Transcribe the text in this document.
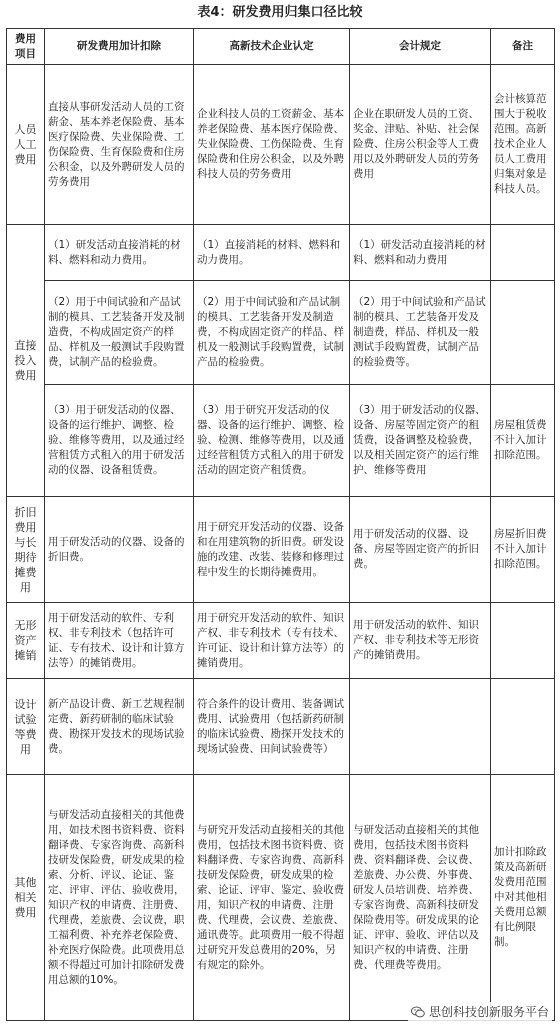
表4：研发费用归集口径比较
费用项目	研发费用加计扣除	高新技术企业认定	会计规定	备注
人员人工费用	直接从事研发活动人员的工资薪金、基本养老保险费、基本医疗保险费、失业保险费、工伤保险费、生育保险费和住房公积金，以及外聘研发人员的劳务费用	企业科技人员的工资薪金、基本养老保险费、基本医疗保险费、失业保险费、工伤保险费、生育保险费和住房公积金，以及外聘科技人员的劳务费用	企业在职研发人员的工资、奖金、津贴、补贴、社会保险费、住房公积金等人工费用以及外聘研发人员的劳务费用	会计核算范围大于税收范围。高新技术企业人员人工费用归集对象是科技人员。
直接投入费用	（1）研发活动直接消耗的材料、燃料和动力费用。	（1）直接消耗的材料、燃料和动力费用。	（1）研发活动直接消耗的材料、燃料和动力费用	
	（2）用于中间试验和产品试制的模具、工艺装备开发及制造费，不构成固定资产的样品、样机及一般测试手段购置费，试制产品的检验费。	（2）用于中间试验和产品试制的模具、工艺装备开发及制造费，不构成固定资产的样品、样机及一般测试手段购置费，试制产品的检验费。	（2）用于中间试验和产品试制的模具、工艺装备开发及制造费，样品、样机及一般测试手段购置费，试制产品的检验费等。	
	（3）用于研发活动的仪器、设备的运行维护、调整、检验、维修等费用，以及通过经营租赁方式租入的用于研发活动的仪器、设备租赁费。	（3）用于研究开发活动的仪器、设备的运行维护、调整、检验、检测、维修等费用，以及通过经营租赁方式租入的用于研发活动的固定资产租赁费。	（3）用于研发活动的仪器、设备、房屋等固定资产的租赁费，设备调整及检验费，以及相关固定资产的运行维护、维修等费用	房屋租赁费不计入加计扣除范围。
折旧费用与长期待摊费用	用于研发活动的仪器、设备的折旧费。	用于研究开发活动的仪器、设备和在用建筑物的折旧费。研发设施的改建、改装、装修和修理过程中发生的长期待摊费用。	用于研发活动的仪器、设备、房屋等固定资产的折旧费。	房屋折旧费不计入加计扣除范围。
无形资产摊销	用于研发活动的软件、专利权、非专利技术（包括许可证、专有技术、设计和计算方法等）的摊销费用。	用于研究开发活动的软件、知识产权、非专利技术（专有技术、许可证、设计和计算方法等）的摊销费用。	用于研发活动的软件、知识产权、非专利技术等无形资产的摊销费用。	
设计试验等费用	新产品设计费、新工艺规程制定费、新药研制的临床试验费、勘探开发技术的现场试验费。	符合条件的设计费用、装备调试费用、试验费用（包括新药研制的临床试验费、勘探开发技术的现场试验费、田间试验费等）		
其他相关费用	与研发活动直接相关的其他费用，如技术图书资料费、资料翻译费、专家咨询费、高新科技研发保险费，研发成果的检索、分析、评议、论证、鉴定、评审、评估、验收费用，知识产权的申请费、注册费、代理费，差旅费、会议费，职工福利费、补充养老保险费、补充医疗保险费。此项费用总额不得超过可加计扣除研发费用总额的10%。	与研究开发活动直接相关的其他费用，包括技术图书资料费、资料翻译费、专家咨询费、高新科技研发保险费，研发成果的检索、论证、评审、鉴定、验收费用，知识产权的申请费、注册费、代理费，会议费、差旅费、通讯费等。此项费用一般不得超过研究开发总费用的20%，另有规定的除外。	与研发活动直接相关的其他费用，包括技术图书资料费、资料翻译费、会议费、差旅费、办公费、外事费、研发人员培训费、培养费、专家咨询费、高新科技研发保险费用等。研发成果的论证、评审、验收、评估以及知识产权的申请费、注册费、代理费等费用。	加计扣除政策及高新研发费用范围中对其他相关费用总额有比例限制。
思创科技创新服务平台
